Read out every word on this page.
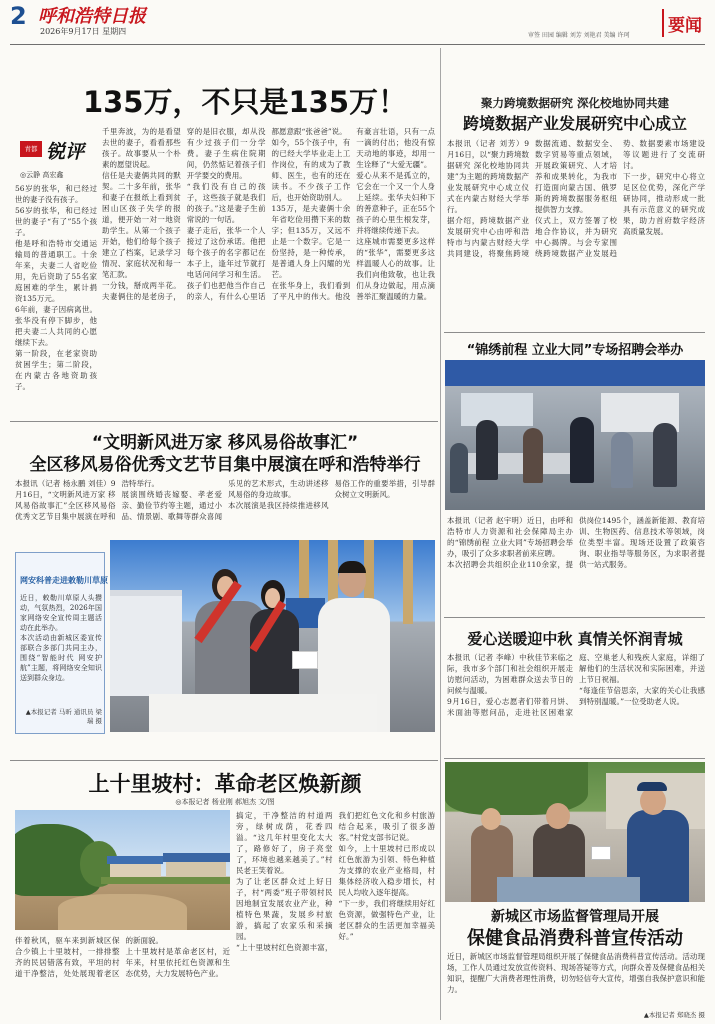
2 呼和浩特日报
2026年9月17日 星期四	审签 田园 编辑 刘芳 刘艳君 美编 许珂 要闻
135万，不只是135万！
青都 锐评
◎云静 高宏鑫
56岁的张华，和已经过世的妻子没有孩子。
56岁的张华，和已经过世的妻子“有了”55个孩子。
他是呼和浩特市交通运输局的普通职工。十余年来，夫妻二人省吃俭用，先后资助了55名家庭困难的学生，累计捐资135万元。
6年前，妻子因病离世。张华没有停下脚步，他把夫妻二人共同的心愿继续下去。
第一阶段，在老家资助贫困学生；第二阶段，在内蒙古各地资助孩子。
千里奔波，为的是看望去世的妻子，看看那些孩子。故事要从一个朴素的愿望说起。
信任是夫妻俩共同的默契。二十多年前，张华和妻子在报纸上看到贫困山区孩子失学的报道，便开始一对一地资助学生。从第一个孩子开始，他们给每个孩子建立了档案，记录学习情况、家庭状况和每一笔汇款。
一分钱，掰成两半花。夫妻俩住的是老房子，穿的是旧衣服，却从没有少过孩子们一分学费。妻子生病住院期间，仍然惦记着孩子们开学要交的费用。
“我们没有自己的孩子，这些孩子就是我们的孩子。”这是妻子生前常说的一句话。
妻子走后，张华一个人接过了这份承诺。他把每个孩子的名字都记在本子上，逢年过节就打电话问问学习和生活。孩子们也把他当作自己的亲人，有什么心里话都愿意跟“张爸爸”说。
如今，55个孩子中，有的已经大学毕业走上工作岗位，有的成为了教师、医生，也有的还在读书。不少孩子工作后，也开始资助别人。
135万，是夫妻俩十余年省吃俭用攒下来的数字；但135万，又远不止是一个数字。它是一份坚持，是一种传承，是普通人身上闪耀的光芒。
在张华身上，我们看到了平凡中的伟大。他没有豪言壮语，只有一点一滴的付出；他没有惊天动地的事迹，却用一生诠释了“大爱无疆”。
爱心从来不是孤立的，它会在一个又一个人身上延续。张华夫妇种下的善意种子，正在55个孩子的心里生根发芽，并将继续传递下去。
这座城市需要更多这样的“张华”，需要更多这样温暖人心的故事。让我们向他致敬，也让我们从身边做起，用点滴善举汇聚温暖的力量。
聚力跨境数据研究 深化校地协同共建
跨境数据产业发展研究中心成立
本报讯（记者 刘芳）9月16日，以“聚力跨境数据研究 深化校地协同共建”为主题的跨境数据产业发展研究中心成立仪式在内蒙古财经大学举行。
据介绍，跨境数据产业发展研究中心由呼和浩特市与内蒙古财经大学共同建设，将聚焦跨境数据流通、数据安全、数字贸易等重点领域，开展政策研究、人才培养和成果转化，为我市打造面向蒙古国、俄罗斯的跨境数据服务枢纽提供智力支撑。
仪式上，双方签署了校地合作协议，并为研究中心揭牌。与会专家围绕跨境数据产业发展趋势、数据要素市场建设等议题进行了交流研讨。
下一步，研究中心将立足区位优势，深化产学研协同，推动形成一批具有示范意义的研究成果，助力首府数字经济高质量发展。
“锦绣前程 立业大同”专场招聘会举办
本报讯（记者 赵宇明）近日，由呼和浩特市人力资源和社会保障局主办的“锦绣前程 立业大同”专场招聘会举办，吸引了众多求职者前来应聘。
本次招聘会共组织企业110余家，提供岗位1495个，涵盖新能源、教育培训、生物医药、信息技术等领域，岗位类型丰富。现场还设置了政策咨询、职业指导等服务区，为求职者提供一站式服务。
“文明新风进万家 移风易俗故事汇”
全区移风易俗优秀文艺节目集中展演在呼和浩特举行
本报讯（记者 杨永鹏 刘佳）9月16日，“文明新风进万家 移风易俗故事汇”全区移风易俗优秀文艺节目集中展演在呼和浩特举行。
展演围绕婚丧嫁娶、孝老爱亲、勤俭节约等主题，通过小品、情景剧、歌舞等群众喜闻乐见的艺术形式，生动讲述移风易俗的身边故事。
本次展演是我区持续推进移风易俗工作的重要举措，引导群众树立文明新风。
网安科普走进敕勒川草原
近日，敕勒川草原人头攒动，气氛热烈，2026年国家网络安全宣传周主题活动在此举办。
本次活动由新城区委宣传部联合多部门共同主办，围绕“智能时代 网安护航”主题，将网络安全知识送到群众身边。
▲本报记者 马昕 通讯员 梁瑞 摄
爱心送暖迎中秋 真情关怀润青城
本报讯（记者 李峰）中秋佳节来临之际，我市多个部门和社会组织开展走访慰问活动，为困难群众送去节日的问候与温暖。
9月16日，爱心志愿者们带着月饼、米面油等慰问品，走进社区困难家庭、空巢老人和残疾人家庭，详细了解他们的生活状况和实际困难，并送上节日祝福。
“每逢佳节倍思亲，大家的关心让我感到特别温暖。”一位受助老人说。
上十里坡村：革命老区焕新颜
◎本报记者 杨业刚 郝旭杰 文/图
伴着秋风，驱车来到新城区保合少镇上十里坡村，一排排整齐的民居错落有致，平坦的村道干净整洁，处处展现着老区的新面貌。
上十里坡村是革命老区村，近年来，村里依托红色资源和生态优势，大力发展特色产业。
搞定，干净整洁的村道两旁，绿树成荫，花香四溢。“这几年村里变化太大了，路修好了，房子亮堂了，环境也越来越美了。”村民老王笑着说。
为了让老区群众过上好日子，村“两委”班子带领村民因地制宜发展农业产业，种植特色果蔬，发展乡村旅游，搞起了农家乐和采摘园。
“上十里坡村红色资源丰富，我们把红色文化和乡村旅游结合起来，吸引了很多游客。”村党支部书记说。
如今，上十里坡村已形成以红色旅游为引领、特色种植为支撑的农业产业格局，村集体经济收入稳步增长，村民人均收入逐年提高。
“下一步，我们将继续用好红色资源，做强特色产业，让老区群众的生活更加幸福美好。”
新城区市场监督管理局开展
保健食品消费科普宣传活动
近日，新城区市场监督管理局组织开展了保健食品消费科普宣传活动。活动现场，工作人员通过发放宣传资料、现场答疑等方式，向群众普及保健食品相关知识，提醒广大消费者理性消费，切勿轻信夸大宣传，增强自我保护意识和能力。
▲本报记者 郑晓杰 摄
